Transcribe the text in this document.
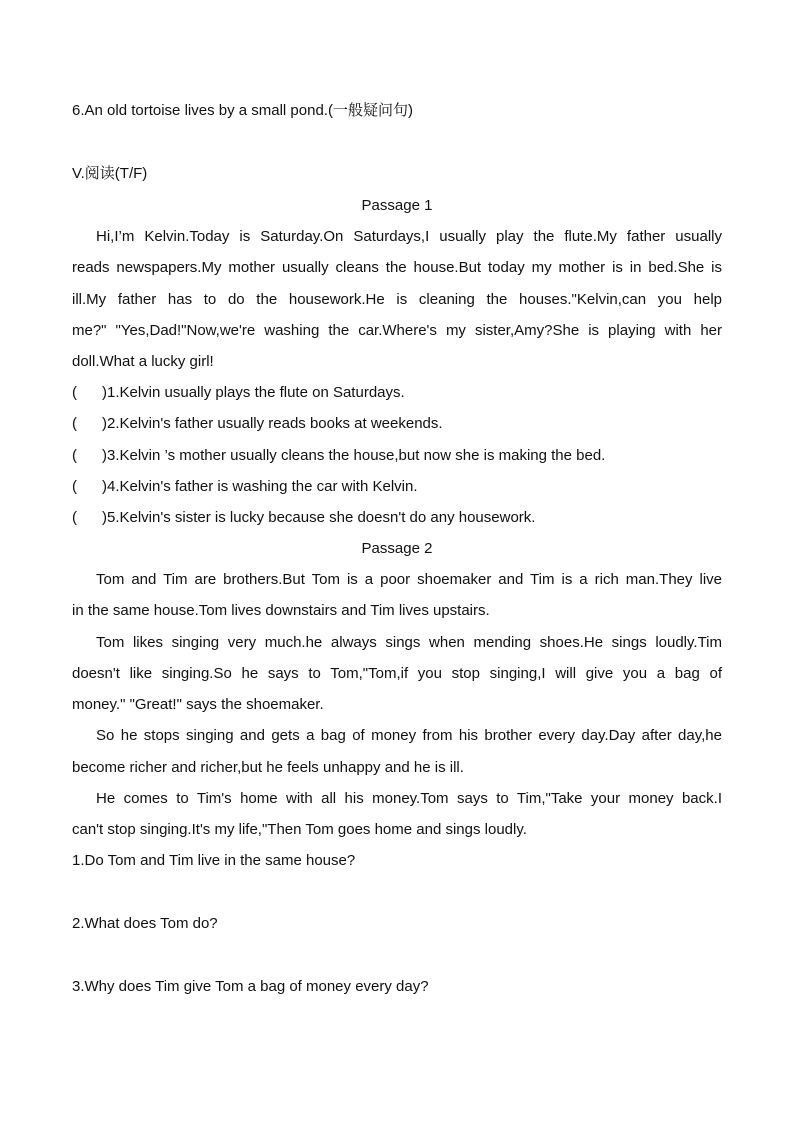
6.An old tortoise lives by a small pond.(一般疑问句)
V.阅读(T/F)
Passage 1
Hi,I’m Kelvin.Today is Saturday.On Saturdays,I usually play the flute.My father usually
reads newspapers.My mother usually cleans the house.But today my mother is in bed.She is
ill.My father has to do the housework.He is cleaning the houses."Kelvin,can you help
me?" "Yes,Dad!"Now,we're washing the car.Where's my sister,Amy?She is playing with her
doll.What a lucky girl!
(	)1.Kelvin usually plays the flute on Saturdays.
(	)2.Kelvin's father usually reads books at weekends.
(	)3.Kelvin ’s mother usually cleans the house,but now she is making the bed.
(	)4.Kelvin's father is washing the car with Kelvin.
(	)5.Kelvin's sister is lucky because she doesn't do any housework.
Passage 2
Tom and Tim are brothers.But Tom is a poor shoemaker and Tim is a rich man.They live
in the same house.Tom lives downstairs and Tim lives upstairs.
Tom likes singing very much.he always sings when mending shoes.He sings loudly.Tim
doesn't like singing.So he says to Tom,"Tom,if you stop singing,I will give you a bag of
money." "Great!" says the shoemaker.
So he stops singing and gets a bag of money from his brother every day.Day after day,he
become richer and richer,but he feels unhappy and he is ill.
He comes to Tim's home with all his money.Tom says to Tim,"Take your money back.I
can't stop singing.It's my life,"Then Tom goes home and sings loudly.
1.Do Tom and Tim live in the same house?
2.What does Tom do?
3.Why does Tim give Tom a bag of money every day?
